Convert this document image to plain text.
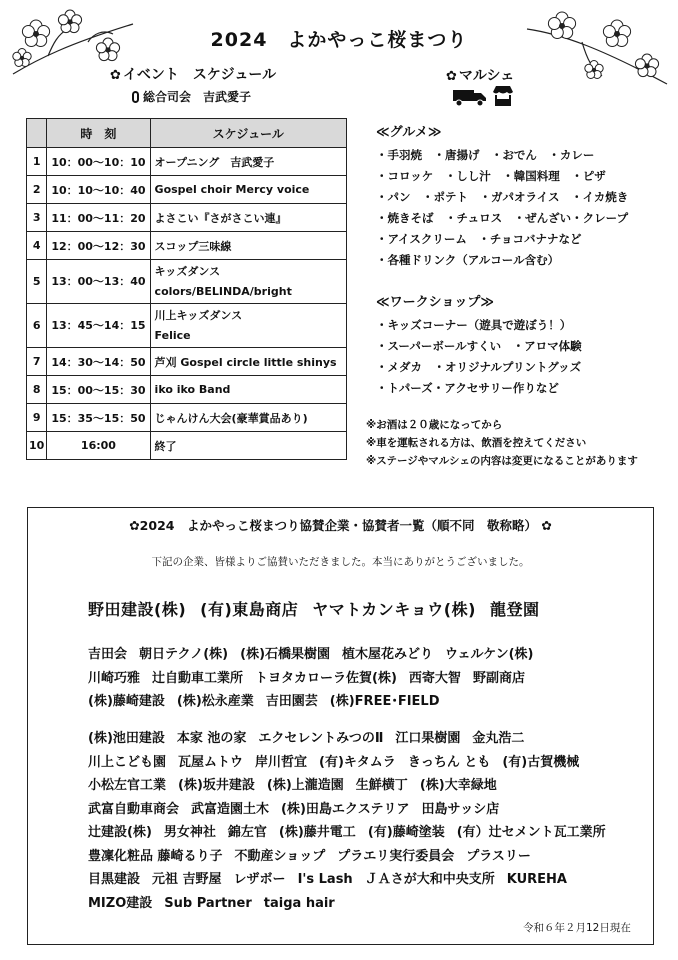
2024　よかやっこ桜まつり
✿ イベント　スケジュール
総合司会　吉武愛子
✿ マルシェ
	時　刻	スケジュール
1	10：00～10：10	オープニング　吉武愛子
2	10：10～10：40	Gospel choir Mercy voice
3	11：00～11：20	よさこい『さがさこい連』
4	12：00～12：30	スコップ三味線
5	13：00～13：40	キッズダンス
colors/BELINDA/bright

6	13：45～14：15	川上キッズダンス
Felice

7	14：30～14：50	芦刈 Gospel circle little shinys
8	15：00～15：30	iko iko Band
9	15：35～15：50	じゃんけん大会(豪華賞品あり)
10	16:00	終了
≪グルメ≫
・手羽焼　・唐揚げ　・おでん　・カレー
・コロッケ　・しし汁　・韓国料理　・ピザ
・パン　・ポテト　・ガパオライス　・イカ焼き
・焼きそば　・チュロス　・ぜんざい・クレープ
・アイスクリーム　・チョコバナナなど
・各種ドリンク（アルコール含む）
≪ワークショップ≫
・キッズコーナー（遊具で遊ぼう！）
・スーパーボールすくい　・アロマ体験
・メダカ　・オリジナルプリントグッズ
・トパーズ・アクセサリー作りなど
※お酒は２０歳になってから
※車を運転される方は、飲酒を控えてください
※ステージやマルシェの内容は変更になることがあります
✿2024　よかやっこ桜まつり協賛企業・協賛者一覧（順不同　敬称略） ✿
下記の企業、皆様よりご協賛いただきました。本当にありがとうございました。
野田建設(株) (有)東島商店 ヤマトカンキョウ(株) 龍登園
吉田会 朝日テクノ(株) (株)石橋果樹園 植木屋花みどり ウェルケン(株)
川崎巧雅 辻自動車工業所 トヨタカローラ佐賀(株) 西寄大智 野副商店
(株)藤崎建設 (株)松永産業 吉田園芸 (株)FREE･FIELD
(株)池田建設 本家 池の家 エクセレントみつのⅡ 江口果樹園 金丸浩二
川上こども園 瓦屋ムトウ 岸川哲宜 (有)キタムラ きっちん とも (有)古賀機械
小松左官工業 (株)坂井建設 (株)上瀧造園 生鮮横丁 (株)大幸緑地
武富自動車商会 武富造園土木 (株)田島エクステリア 田島サッシ店
辻建設(株) 男女神社 錦左官 (株)藤井電工 (有)藤崎塗装 (有）辻セメント瓦工業所
豊凜化粧品 藤崎るり子 不動産ショップ プラエリ実行委員会 プラスリー
目黒建設 元祖 吉野屋 レザボー I's Lash ＪＡさが大和中央支所 KUREHA
MIZO建設 Sub Partner taiga hair
令和６年２月12日現在
